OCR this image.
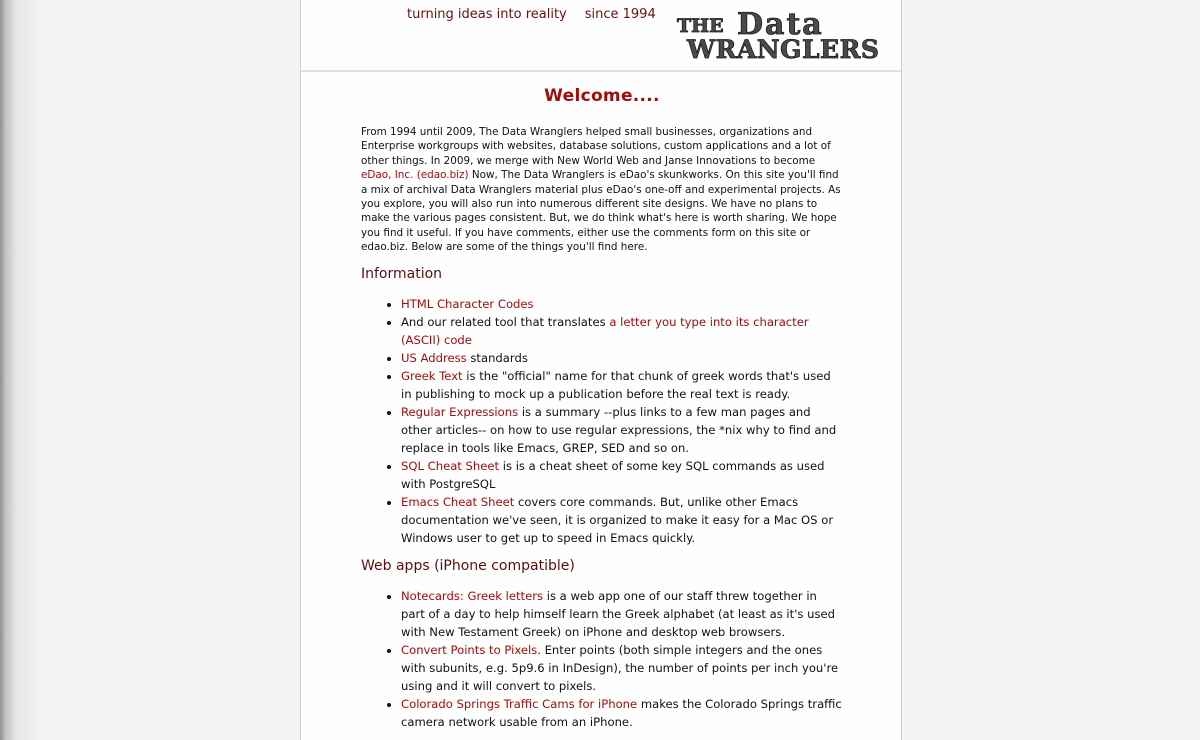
turning ideas into reality since 1994
THE Data
WRANGLERS
Welcome....

From 1994 until 2009, The Data Wranglers helped small businesses, organizations and Enterprise workgroups with websites, database solutions, custom applications and a lot of other things. In 2009, we merge with New World Web and Janse Innovations to become eDao, Inc. (edao.biz) Now, The Data Wranglers is eDao's skunkworks. On this site you'll find a mix of archival Data Wranglers material plus eDao's one-off and experimental projects. As you explore, you will also run into numerous different site designs. We have no plans to make the various pages consistent. But, we do think what's here is worth sharing. We hope you find it useful. If you have comments, either use the comments form on this site or edao.biz. Below are some of the things you'll find here.

Information
• HTML Character Codes
• And our related tool that translates a letter you type into its character (ASCII) code
• US Address standards
• Greek Text is the "official" name for that chunk of greek words that's used in publishing to mock up a publication before the real text is ready.
• Regular Expressions is a summary --plus links to a few man pages and other articles-- on how to use regular expressions, the *nix why to find and replace in tools like Emacs, GREP, SED and so on.
• SQL Cheat Sheet is is a cheat sheet of some key SQL commands as used with PostgreSQL
• Emacs Cheat Sheet covers core commands. But, unlike other Emacs documentation we've seen, it is organized to make it easy for a Mac OS or Windows user to get up to speed in Emacs quickly.
Web apps (iPhone compatible)
• Notecards: Greek letters is a web app one of our staff threw together in part of a day to help himself learn the Greek alphabet (at least as it's used with New Testament Greek) on iPhone and desktop web browsers.
• Convert Points to Pixels. Enter points (both simple integers and the ones with subunits, e.g. 5p9.6 in InDesign), the number of points per inch you're using and it will convert to pixels.
• Colorado Springs Traffic Cams for iPhone makes the Colorado Springs traffic camera network usable from an iPhone.
